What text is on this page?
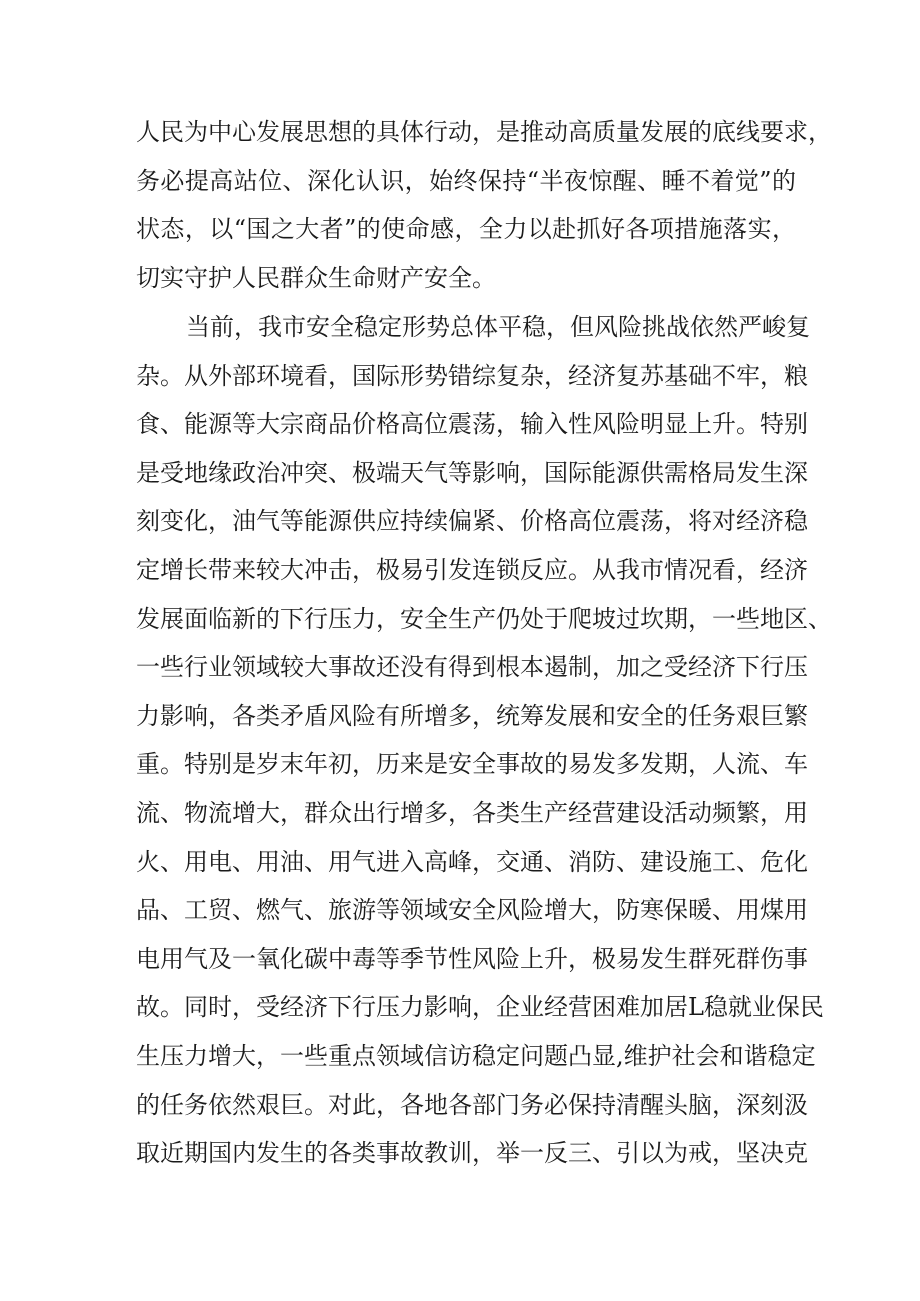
人民为中心发展思想的具体行动，是推动高质量发展的底线要求，
务必提高站位、深化认识，始终保持“半夜惊醒、睡不着觉”的
状态，以“国之大者”的使命感，全力以赴抓好各项措施落实，
切实守护人民群众生命财产安全。
当前，我市安全稳定形势总体平稳，但风险挑战依然严峻复
杂。从外部环境看，国际形势错综复杂，经济复苏基础不牢，粮
食、能源等大宗商品价格高位震荡，输入性风险明显上升。特别
是受地缘政治冲突、极端天气等影响，国际能源供需格局发生深
刻变化，油气等能源供应持续偏紧、价格高位震荡，将对经济稳
定增长带来较大冲击，极易引发连锁反应。从我市情况看，经济
发展面临新的下行压力，安全生产仍处于爬坡过坎期，一些地区、
一些行业领域较大事故还没有得到根本遏制，加之受经济下行压
力影响，各类矛盾风险有所增多，统筹发展和安全的任务艰巨繁
重。特别是岁末年初，历来是安全事故的易发多发期，人流、车
流、物流增大，群众出行增多，各类生产经营建设活动频繁，用
火、用电、用油、用气进入高峰，交通、消防、建设施工、危化
品、工贸、燃气、旅游等领域安全风险增大，防寒保暖、用煤用
电用气及一氧化碳中毒等季节性风险上升，极易发生群死群伤事
故。同时，受经济下行压力影响，企业经营困难加居L稳就业保民
生压力增大，一些重点领域信访稳定问题凸显,维护社会和谐稳定
的任务依然艰巨。对此，各地各部门务必保持清醒头脑，深刻汲
取近期国内发生的各类事故教训，举一反三、引以为戒，坚决克
